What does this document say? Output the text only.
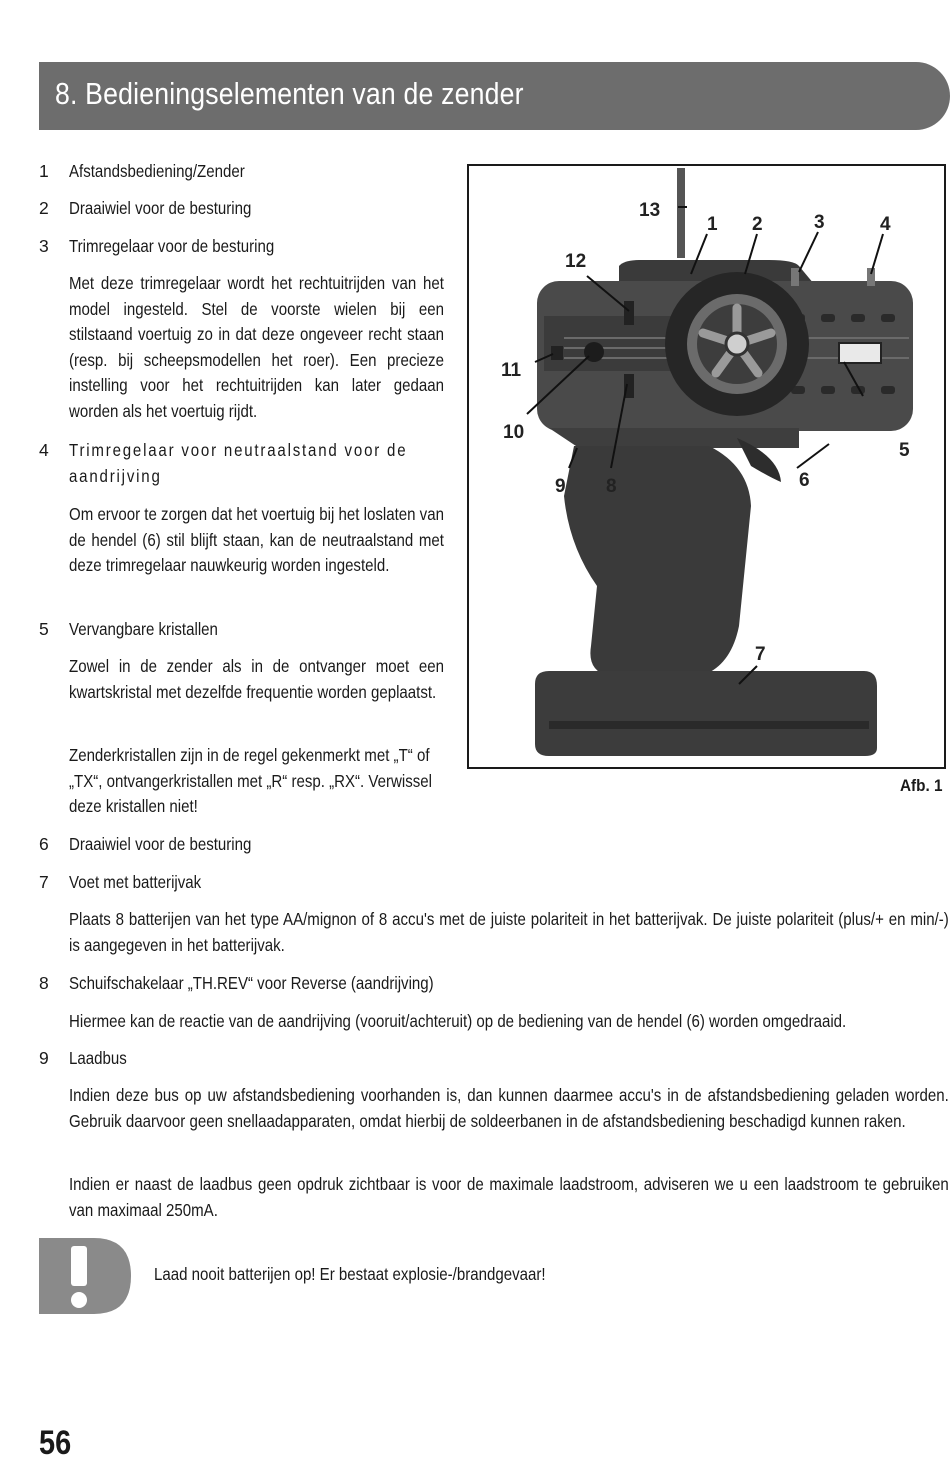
8. Bedieningselementen van de zender
1 Afstandsbediening/Zender
2 Draaiwiel voor de besturing
3 Trimregelaar voor de besturing
Met deze trimregelaar wordt het rechtuitrijden van het model ingesteld. Stel de voorste wielen bij een stilstaand voertuig zo in dat deze ongeveer recht staan (resp. bij scheepsmodellen het roer). Een precieze instelling voor het rechtuitrijden kan later gedaan worden als het voertuig rijdt.
4 Trimregelaar voor neutraalstand voor de aandrijving
Om ervoor te zorgen dat het voertuig bij het loslaten van de hendel (6) stil blijft staan, kan de neutraalstand met deze trimregelaar nauwkeurig worden ingesteld.
5 Vervangbare kristallen
Zowel in de zender als in de ontvanger moet een kwartskristal met dezelfde frequentie worden geplaatst.
Zenderkristallen zijn in de regel gekenmerkt met „T“ of „TX“, ontvangerkristallen met „R“ resp. „RX“. Verwissel deze kristallen niet!
6 Draaiwiel voor de besturing
7 Voet met batterijvak
Plaats 8 batterijen van het type AA/mignon of 8 accu's met de juiste polariteit in het batterijvak. De juiste polariteit (plus/+ en min/-) is aangegeven in het batterijvak.
8 Schuifschakelaar „TH.REV“ voor Reverse (aandrijving)
Hiermee kan de reactie van de aandrijving (vooruit/achteruit) op de bediening van de hendel (6) worden omgedraaid.
9 Laadbus
Indien deze bus op uw afstandsbediening voorhanden is, dan kunnen daarmee accu's in de afstandsbediening geladen worden. Gebruik daarvoor geen snellaadapparaten, omdat hierbij de soldeerbanen in de afstandsbediening beschadigd kunnen raken.
Indien er naast de laadbus geen opdruk zichtbaar is voor de maximale laadstroom, adviseren we u een laadstroom te gebruiken van maximaal 250mA.
13
1 2	3	4
12
11
10
5
9 8	6
7
Afb. 1
Laad nooit batterijen op! Er bestaat explosie-/brandgevaar!
56
